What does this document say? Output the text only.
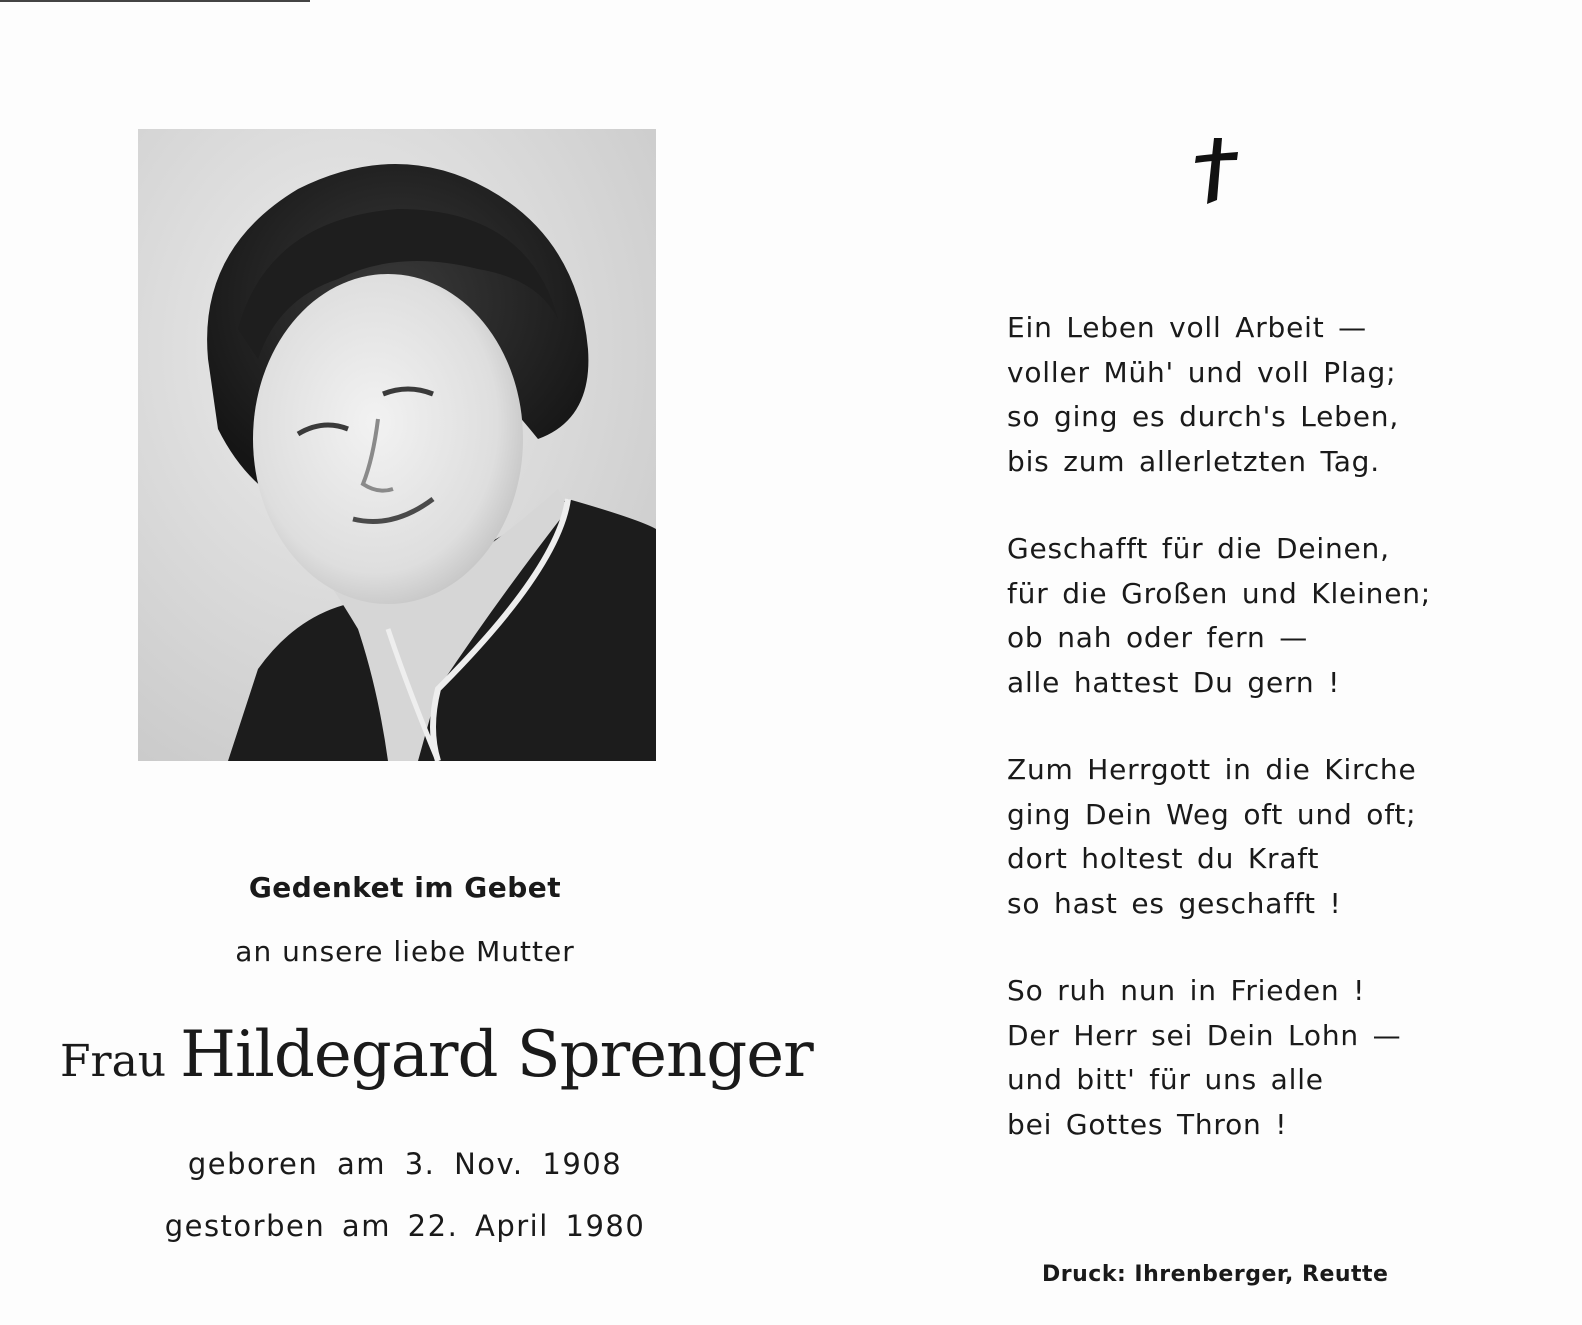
Gedenket im Gebet
an unsere liebe Mutter
Frau Hildegard Sprenger
geboren am 3. Nov. 1908
gestorben am 22. April 1980
Ein Leben voll Arbeit —
voller Müh' und voll Plag;
so ging es durch's Leben,
bis zum allerletzten Tag.
Geschafft für die Deinen,
für die Großen und Kleinen;
ob nah oder fern —
alle hattest Du gern !
Zum Herrgott in die Kirche
ging Dein Weg oft und oft;
dort holtest du Kraft
so hast es geschafft !
So ruh nun in Frieden !
Der Herr sei Dein Lohn —
und bitt' für uns alle
bei Gottes Thron !
Druck: Ihrenberger, Reutte
